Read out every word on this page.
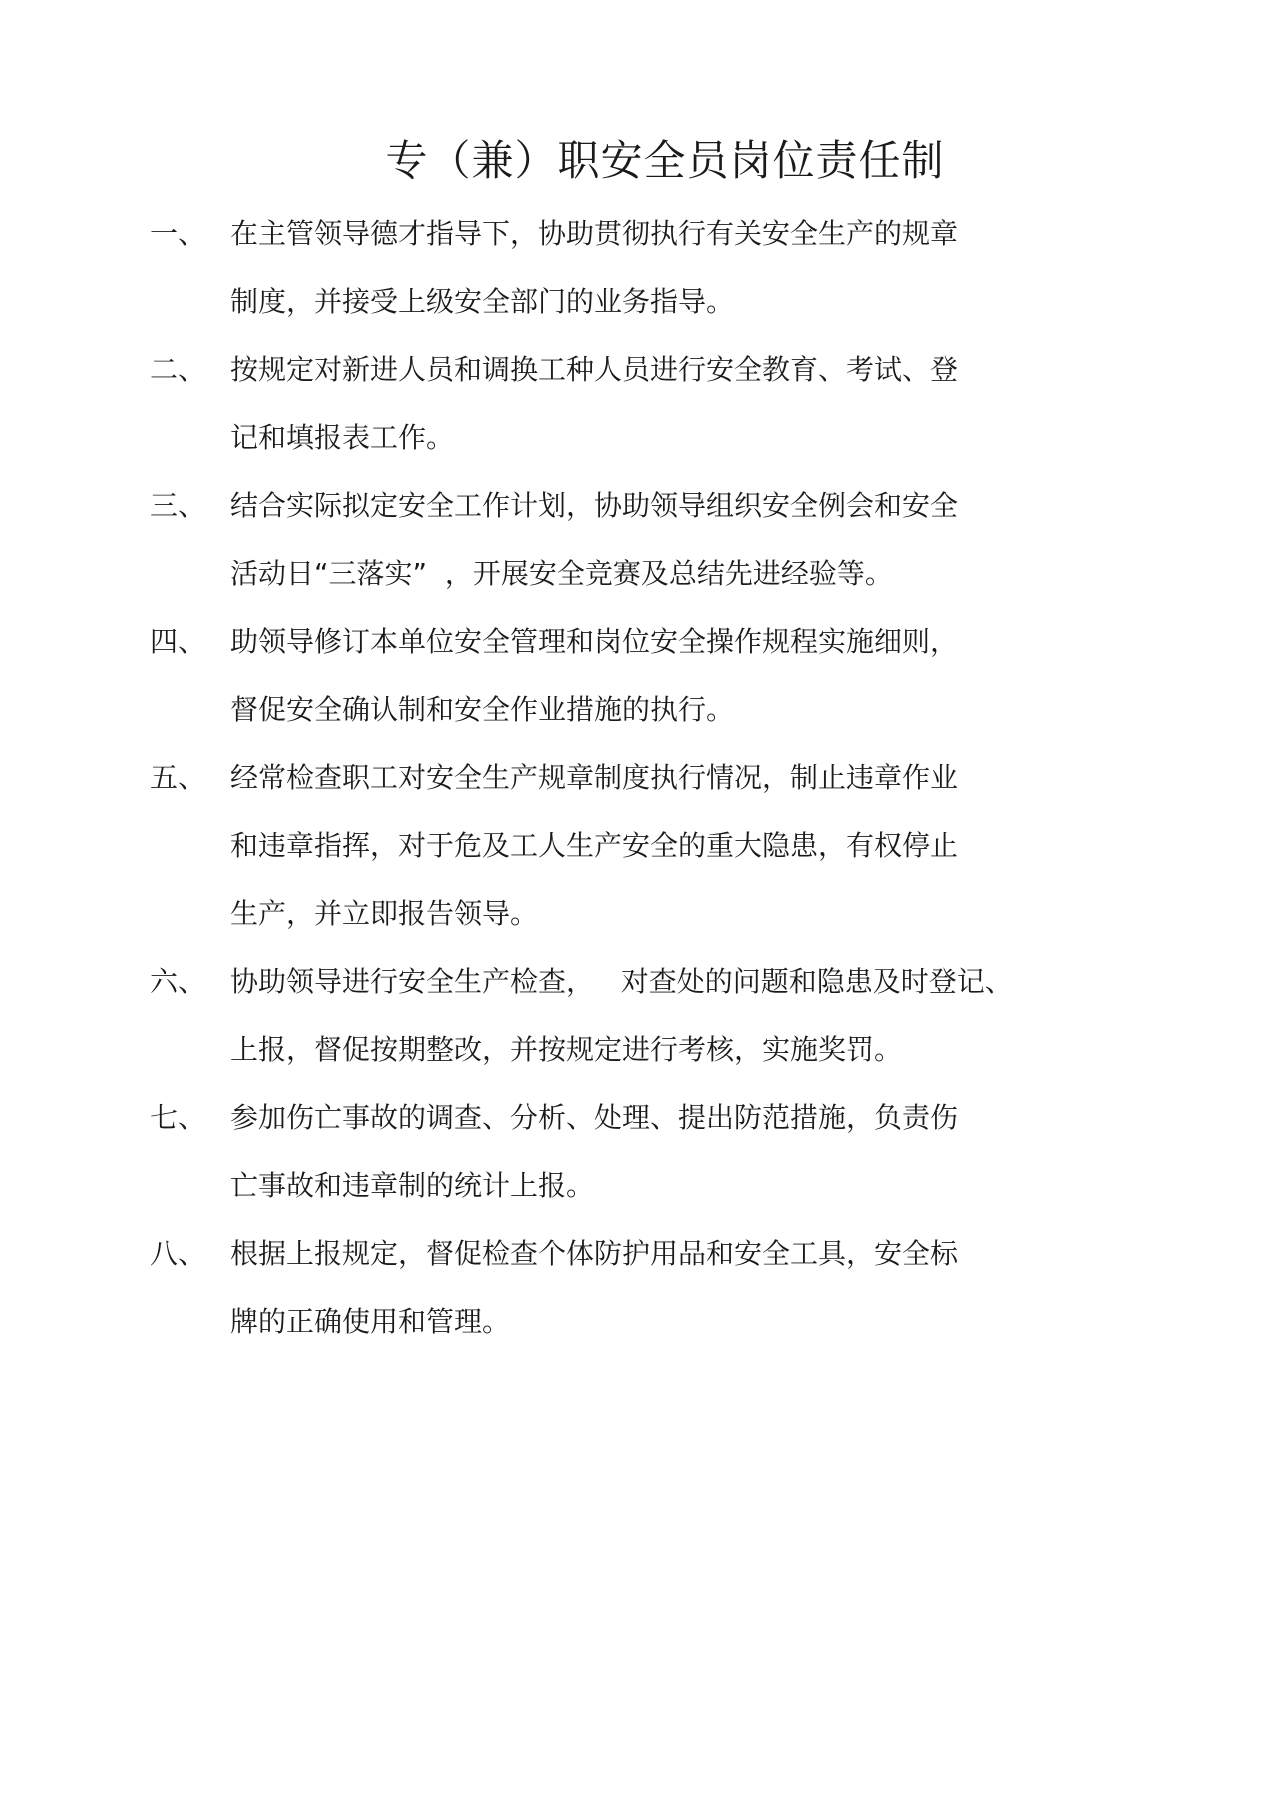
专（兼）职安全员岗位责任制
一、 在主管领导德才指导下，协助贯彻执行有关安全生产的规章
制度，并接受上级安全部门的业务指导。
二、 按规定对新进人员和调换工种人员进行安全教育、考试、登
记和填报表工作。
三、 结合实际拟定安全工作计划，协助领导组织安全例会和安全
活动日“三落实”  ，开展安全竞赛及总结先进经验等。
四、 助领导修订本单位安全管理和岗位安全操作规程实施细则，
督促安全确认制和安全作业措施的执行。
五、 经常检查职工对安全生产规章制度执行情况，制止违章作业
和违章指挥，对于危及工人生产安全的重大隐患，有权停止
生产，并立即报告领导。
六、 协助领导进行安全生产检查，   对查处的问题和隐患及时登记、
上报，督促按期整改，并按规定进行考核，实施奖罚。
七、 参加伤亡事故的调查、分析、处理、提出防范措施，负责伤
亡事故和违章制的统计上报。
八、 根据上报规定，督促检查个体防护用品和安全工具，安全标
牌的正确使用和管理。
